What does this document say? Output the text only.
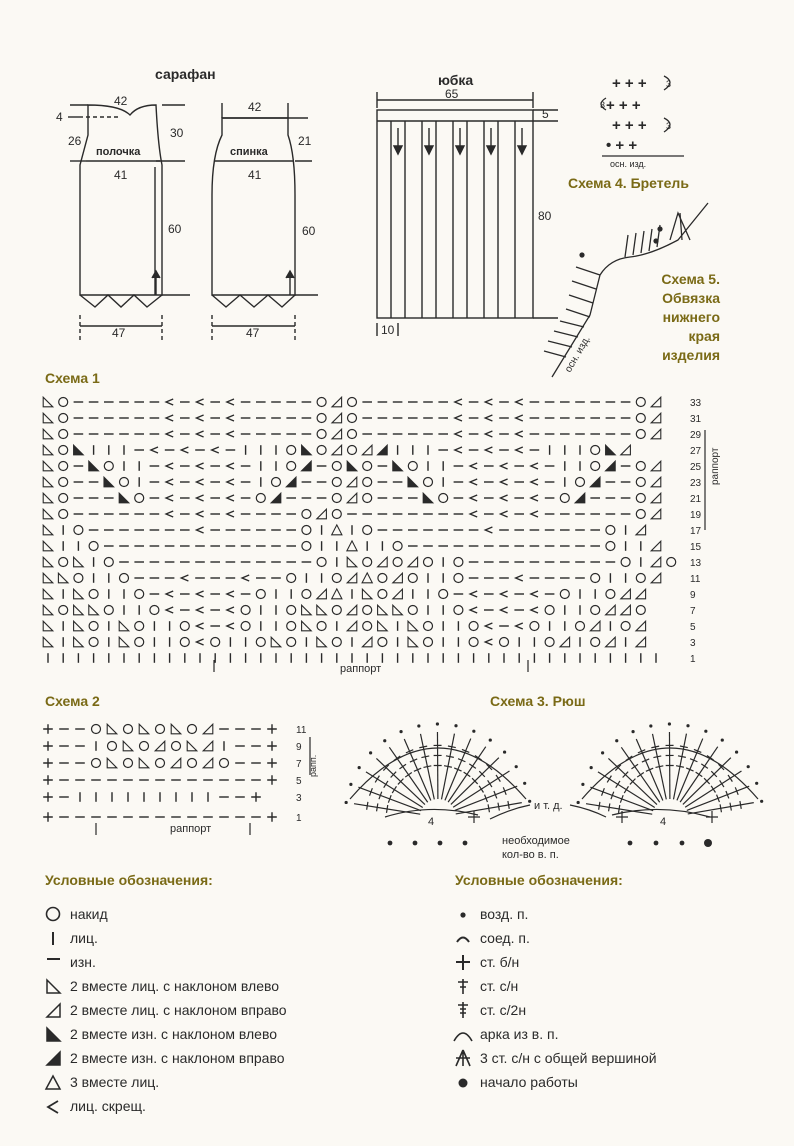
сарафан
42
4
26
30
41
60
47
42
21
41
60
47
полочка	спинка
юбка
65
5
80
10
+ + +
+ + +
+ + +
• + +
3
3
3
осн. изд.
Схема 4. Бретель
осн. изд.
Схема 5.
Обвязка
нижнего
края
изделия
Схема 1
33
31
29
27
25
23
21
19
17
15
13
11
9
7
5
3
1
раппорт
раппорт
Схема 2
11
9
7
5
3
1
рапп.
раппорт
Схема 3. Рюш
и т. д.
4	4
необходимое
кол-во в. п.
Условные обозначения:
накид
лиц.
изн.
2 вместе лиц. с наклоном влево
2 вместе лиц. с наклоном вправо
2 вместе изн. с наклоном влево
2 вместе изн. с наклоном вправо
3 вместе лиц.
лиц. скрещ.
Условные обозначения:
возд. п.
соед. п.
ст. б/н
ст. с/н
ст. с/2н
арка из в. п.
3 ст. с/н с общей вершиной
начало работы
